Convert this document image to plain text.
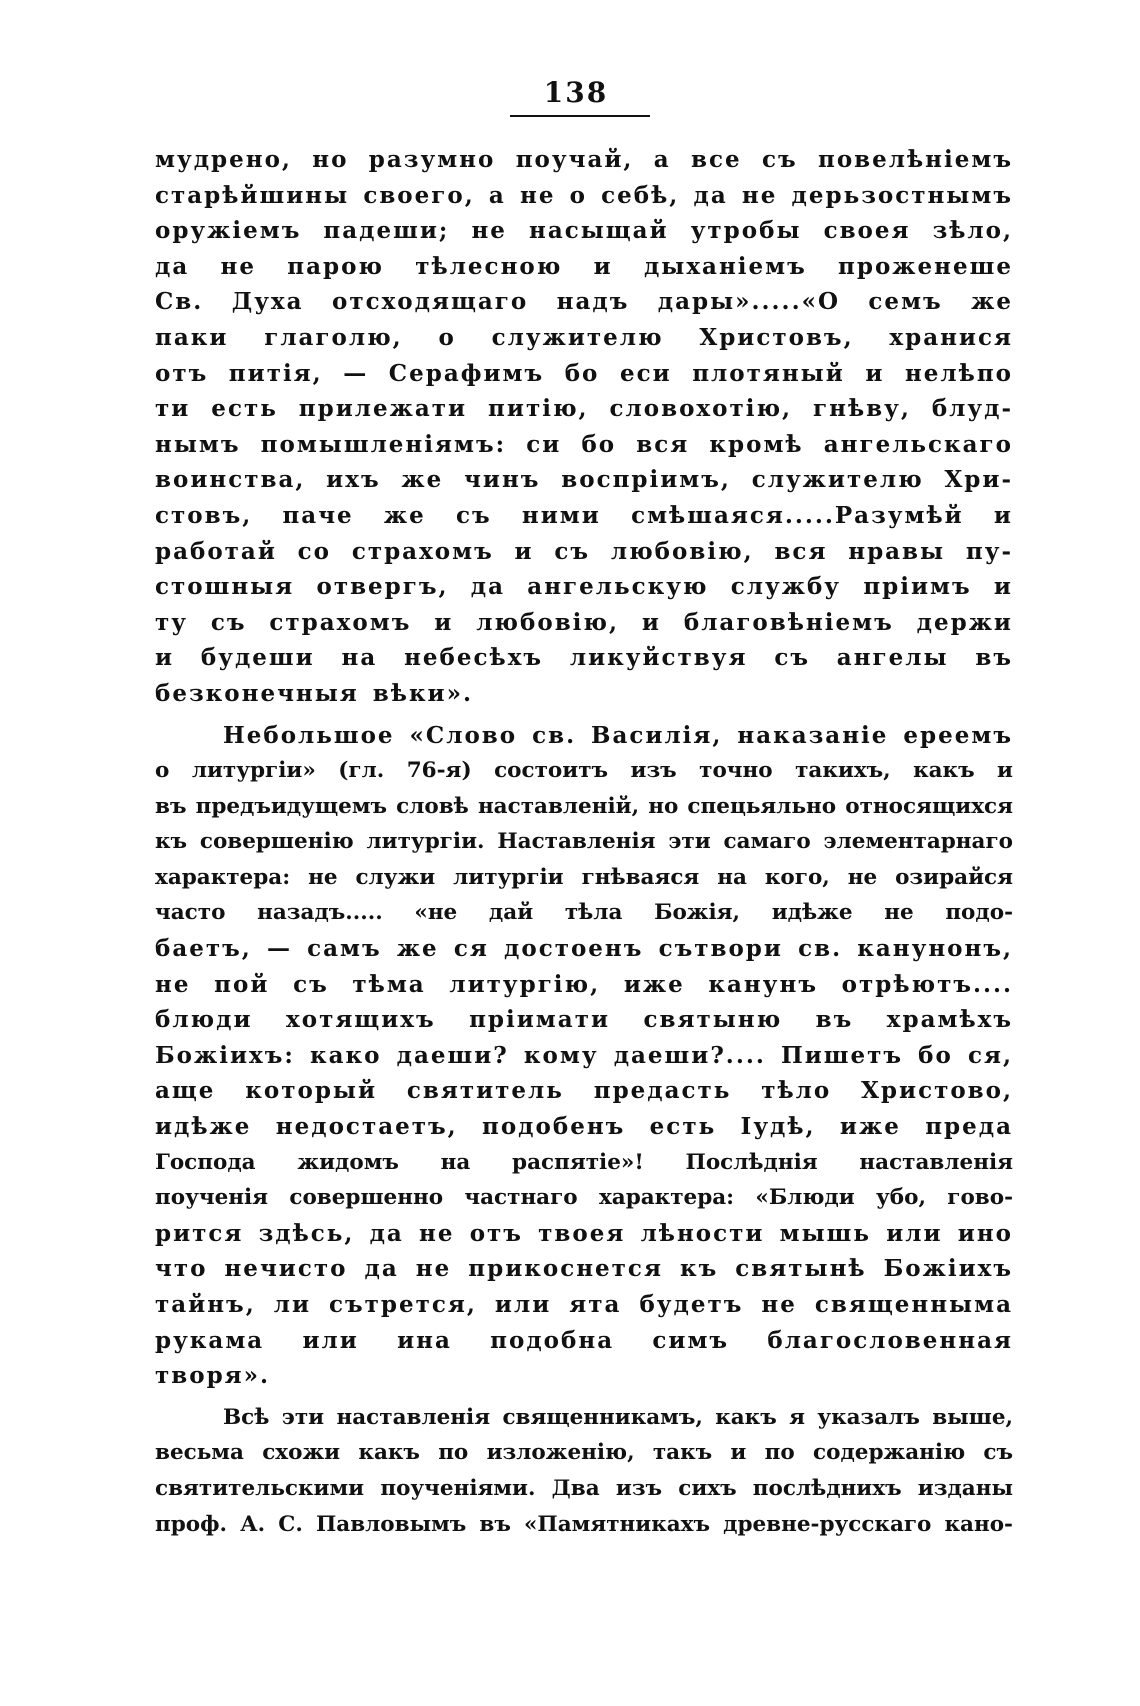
138
мудрено, но разумно поучай, а все съ повелѣніемъ
старѣйшины своего, а не о себѣ, да не дерьзостнымъ
оружіемъ падеши; не насыщай утробы своея зѣло,
да не парою тѣлесною и дыханіемъ проженеше
Св. Духа отсходящаго надъ дары».....«О семъ же
паки глаголю, о служителю Христовъ, хранися
отъ питія, — Серафимъ бо еси плотяный и нелѣпо
ти есть прилежати питію, словохотію, гнѣву, блуд-
нымъ помышленіямъ: си бо вся кромѣ ангельскаго
воинства, ихъ же чинъ воспріимъ, служителю Хри-
стовъ, паче же съ ними смѣшаяся.....Разумѣй и
работай со страхомъ и съ любовію, вся нравы пу-
стошныя отвергъ, да ангельскую службу пріимъ и
ту съ страхомъ и любовію, и благовѣніемъ держи
и будеши на небесѣхъ ликуйствуя съ ангелы въ
безконечныя вѣки».
Небольшое «Слово св. Василія, наказаніе ереемъ
о литургіи» (гл. 76-я) состоитъ изъ точно такихъ, какъ и
въ предъидущемъ словѣ наставленій, но спецьяльно относящихся
къ совершенію литургіи. Наставленія эти самаго элементарнаго
характера: не служи литургіи гнѣваяся на кого, не озирайся
часто назадъ..... «не дай тѣла Божія, идѣже не подо-
баетъ, — самъ же ся достоенъ сътвори св. канунонъ,
не пой съ тѣма литургію, иже канунъ отрѣютъ....
блюди хотящихъ пріимати святыню въ храмѣхъ
Божіихъ: како даеши? кому даеши?.... Пишетъ бо ся,
аще который святитель предасть тѣло Христово,
идѣже недостаетъ, подобенъ есть Іудѣ, иже преда
Господа жидомъ на распятіе»! Послѣднія наставленія
поученія совершенно частнаго характера: «Блюди убо, гово-
рится здѣсь, да не отъ твоея лѣности мышь или ино
что нечисто да не прикоснется къ святынѣ Божіихъ
тайнъ, ли сътрется, или ята будетъ не священныма
рукама или ина подобна симъ благословенная
творя».
Всѣ эти наставленія священникамъ, какъ я указалъ выше,
весьма схожи какъ по изложенію, такъ и по содержанію съ
святительскими поученіями. Два изъ сихъ послѣднихъ изданы
проф. А. С. Павловымъ въ «Памятникахъ древне-русскаго кано-
